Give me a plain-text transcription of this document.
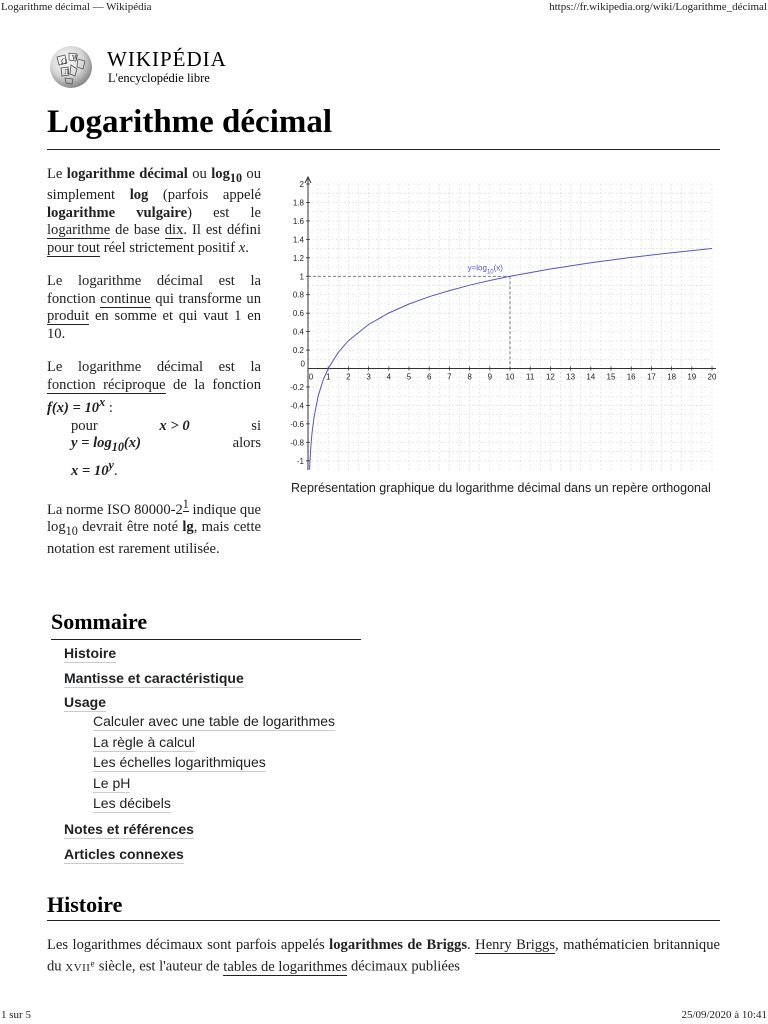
Logarithme décimal — Wikipédia	https://fr.wikipedia.org/wiki/Logarithme_décimal
Ω W
Л
WIKIPÉDIA
L'encyclopédie libre
Logarithme décimal

Le logarithme décimal ou $\log_{10}$ ou simplement log (parfois appelé logarithme vulgaire) est le logarithme de base dix. Il est défini pour tout réel strictement positif x.

Le logarithme décimal est la fonction continue qui transforme un produit en somme et qui vaut 1 en 10.

Le logarithme décimal est la fonction réciproque de la fonction $f(x) = 10^x$ :

pour	x > 0	si
$y = \log_{10}(x)$	alors
$x = 10^y$.

La norme ISO $80000-2^1$ indique que $\log_{10}$ devrait être noté lg, mais cette notation est rarement utilisée.

0 1 2 3 4 5 6 7 8 9 10 11 12 13 14 15 16 17 18 19 20
-1
-0.8
-0.6
-0.4
-0.2
0
0.2
0.4
0.6
0.8
1
1.2
1.4
1.6
1.8
2
$y=\log_{10}(x)$
Représentation graphique du logarithme décimal dans un repère orthogonal
Sommaire
Histoire
Mantisse et caractéristique
Usage
Calculer avec une table de logarithmes
La règle à calcul
Les échelles logarithmiques
Le pH
Les décibels
Notes et références
Articles connexes
Histoire
Les logarithmes décimaux sont parfois appelés logarithmes de Briggs. Henry Briggs, mathématicien britannique du XVIIe siècle, est l'auteur de tables de logarithmes décimaux publiées
1 sur 5	25/09/2020 à 10:41
